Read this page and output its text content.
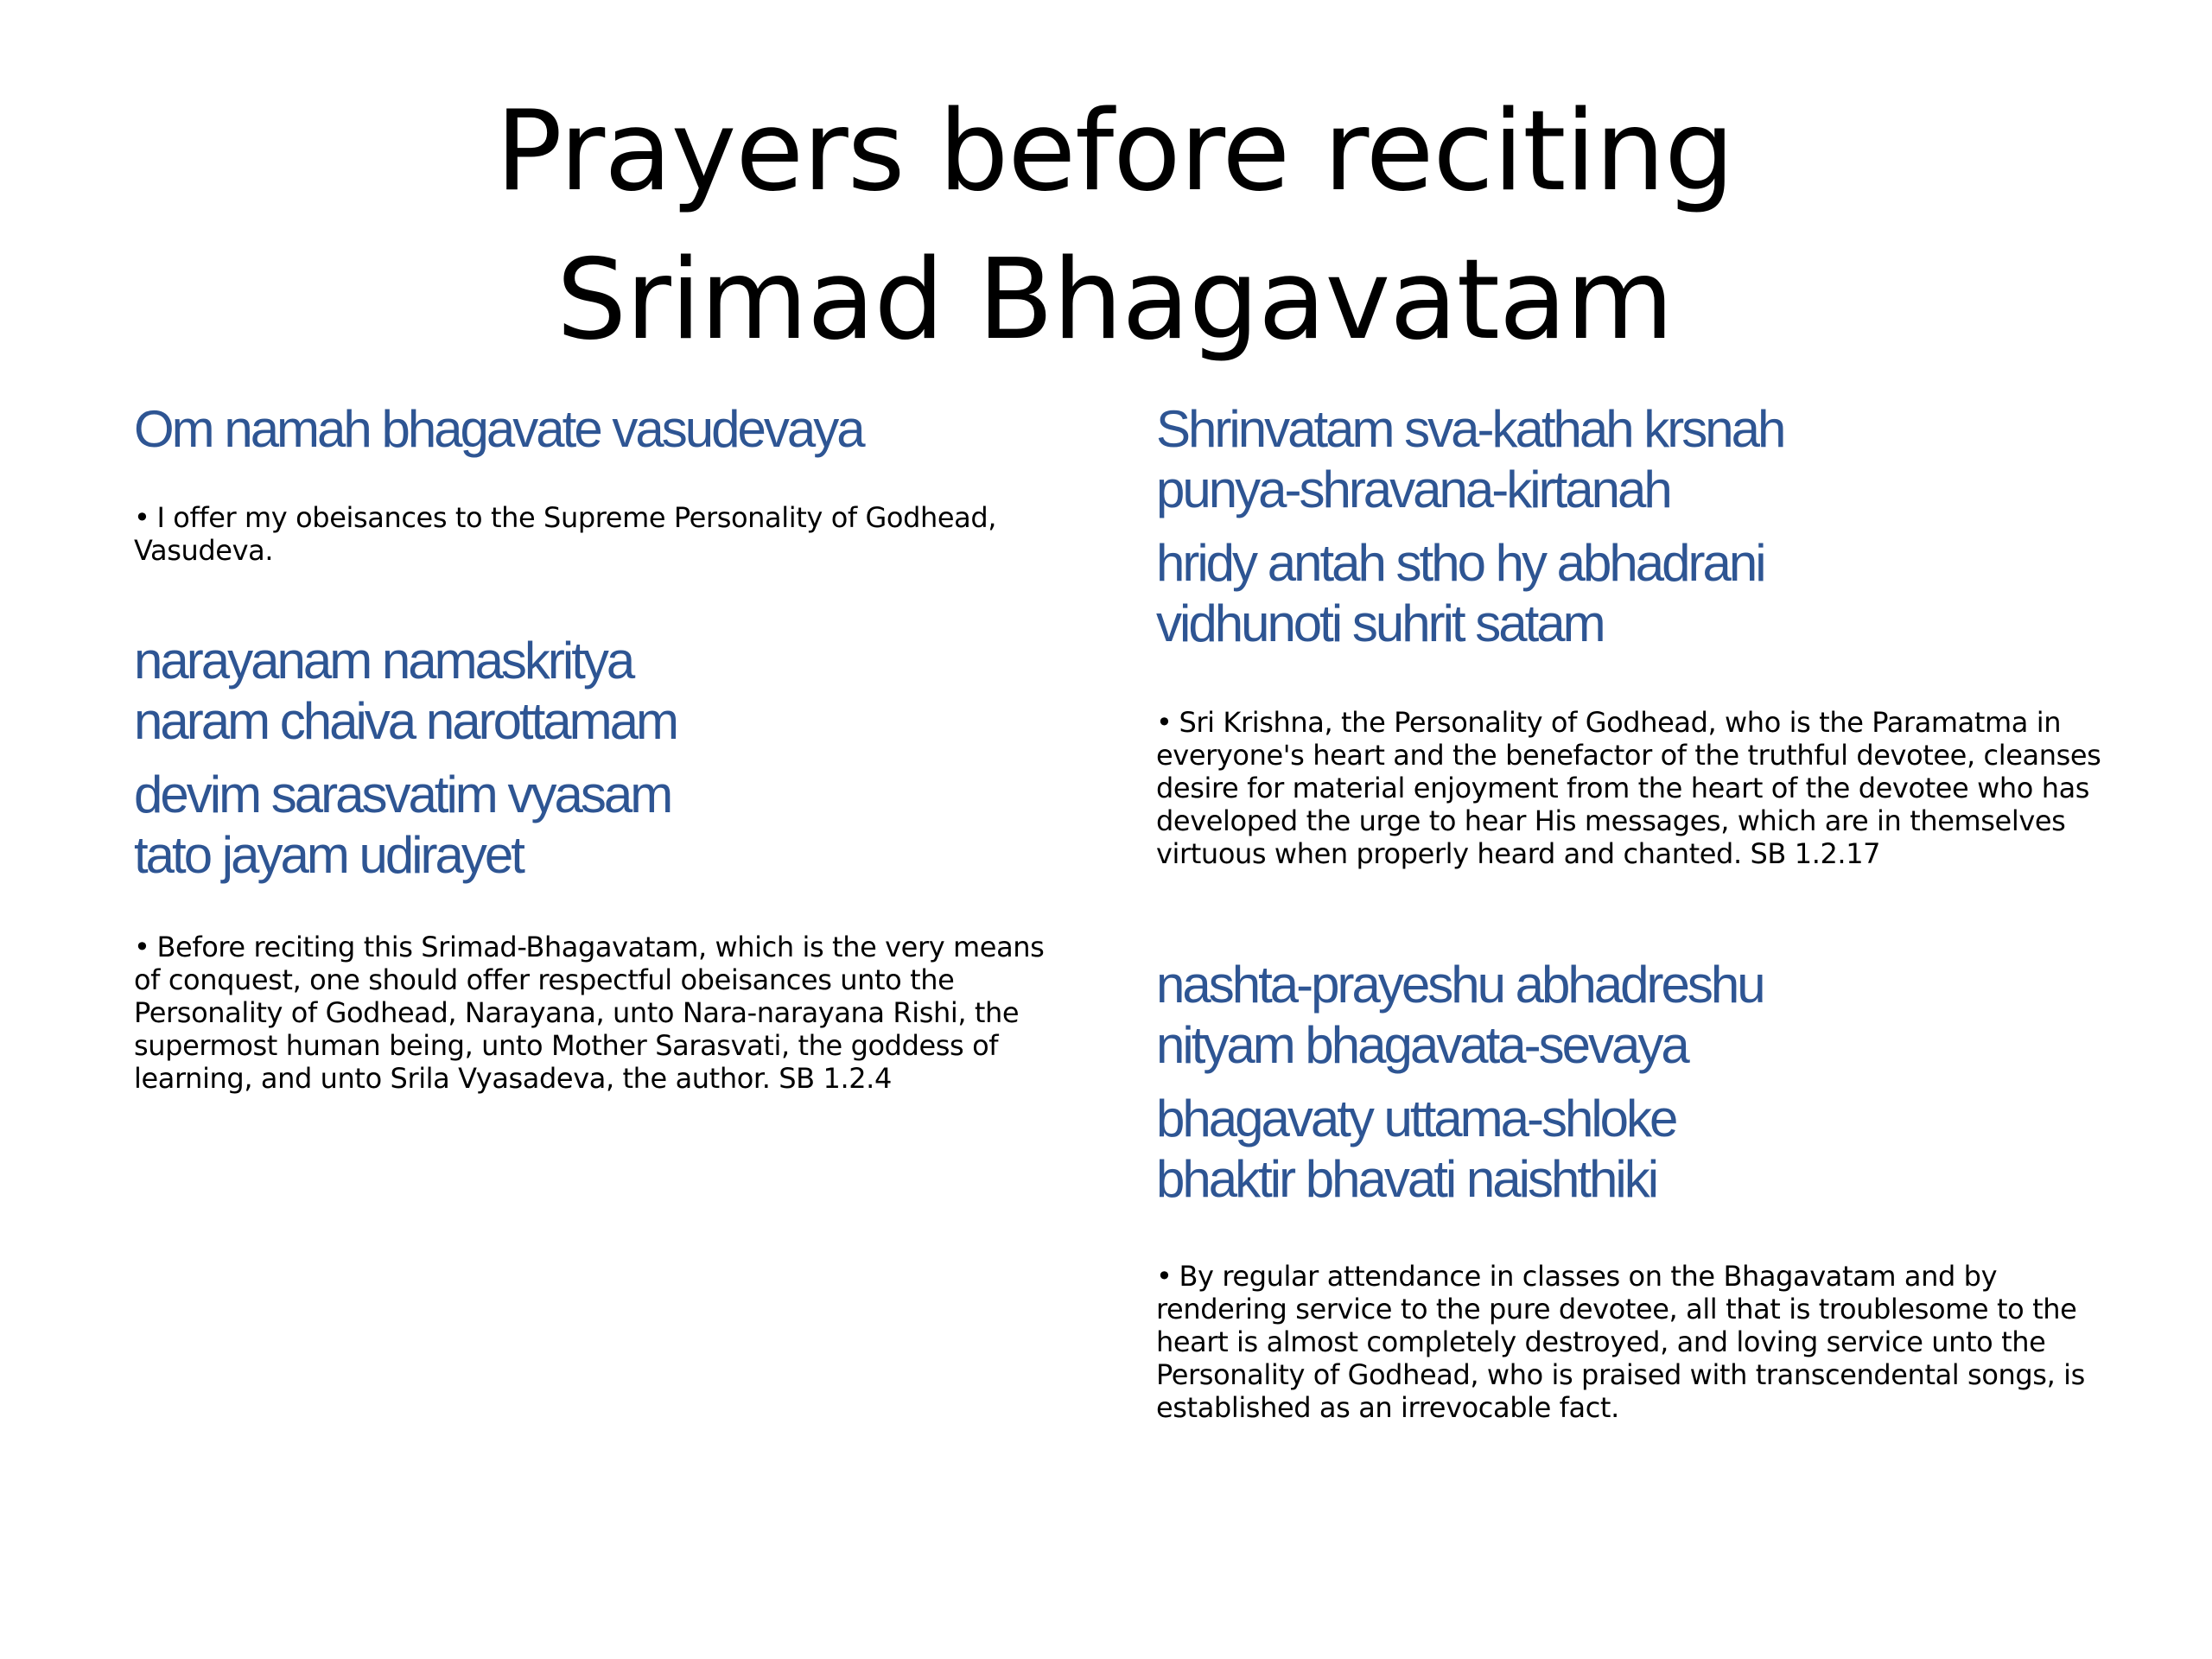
Prayers before reciting
Srimad Bhagavatam
Om namah bhagavate vasudevaya
• I offer my obeisances to the Supreme Personality of Godhead, Vasudeva.
narayanam namaskritya
naram chaiva narottamam
devim sarasvatim vyasam
tato jayam udirayet
• Before reciting this Srimad-Bhagavatam, which is the very means of conquest, one should offer respectful obeisances unto the Personality of Godhead, Narayana, unto Nara-narayana Rishi, the supermost human being, unto Mother Sarasvati, the goddess of learning, and unto Srila Vyasadeva, the author. SB 1.2.4
Shrinvatam sva-kathah krsnah
punya-shravana-kirtanah
hridy antah stho hy abhadrani
vidhunoti suhrit satam
• Sri Krishna, the Personality of Godhead, who is the Paramatma in everyone's heart and the benefactor of the truthful devotee, cleanses desire for material enjoyment from the heart of the devotee who has developed the urge to hear His messages, which are in themselves virtuous when properly heard and chanted. SB 1.2.17
nashta-prayeshu abhadreshu
nityam bhagavata-sevaya
bhagavaty uttama-shloke
bhaktir bhavati naishthiki
• By regular attendance in classes on the Bhagavatam and by rendering service to the pure devotee, all that is troublesome to the heart is almost completely destroyed, and loving service unto the Personality of Godhead, who is praised with transcendental songs, is established as an irrevocable fact.
